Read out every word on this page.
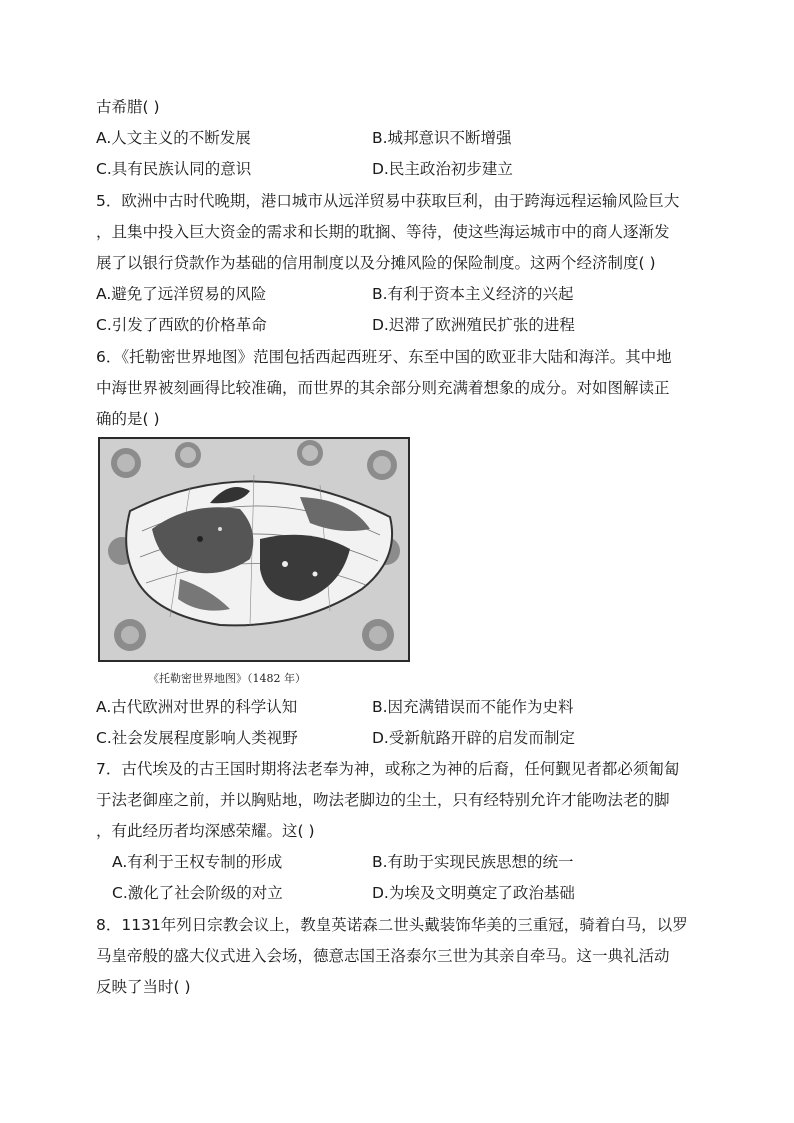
古希腊( )
A.人文主义的不断发展	B.城邦意识不断增强
C.具有民族认同的意识	D.民主政治初步建立
5．欧洲中古时代晚期，港口城市从远洋贸易中获取巨利，由于跨海远程运输风险巨大
，且集中投入巨大资金的需求和长期的耽搁、等待，使这些海运城市中的商人逐渐发
展了以银行贷款作为基础的信用制度以及分摊风险的保险制度。这两个经济制度( )
A.避免了远洋贸易的风险	B.有利于资本主义经济的兴起
C.引发了西欧的价格革命	D.迟滞了欧洲殖民扩张的进程
6．《托勒密世界地图》范围包括西起西班牙、东至中国的欧亚非大陆和海洋。其中地
中海世界被刻画得比较准确，而世界的其余部分则充满着想象的成分。对如图解读正
确的是( )
《托勒密世界地图》（1482 年）
A.古代欧洲对世界的科学认知	B.因充满错误而不能作为史料
C.社会发展程度影响人类视野	D.受新航路开辟的启发而制定
7．古代埃及的古王国时期将法老奉为神，或称之为神的后裔，任何觐见者都必须匍匐
于法老御座之前，并以胸贴地，吻法老脚边的尘土，只有经特别允许才能吻法老的脚
，有此经历者均深感荣耀。这( )
A.有利于王权专制的形成	B.有助于实现民族思想的统一
C.激化了社会阶级的对立	D.为埃及文明奠定了政治基础
8．1131年列日宗教会议上，教皇英诺森二世头戴装饰华美的三重冠，骑着白马，以罗
马皇帝般的盛大仪式进入会场，德意志国王洛泰尔三世为其亲自牵马。这一典礼活动
反映了当时( )
